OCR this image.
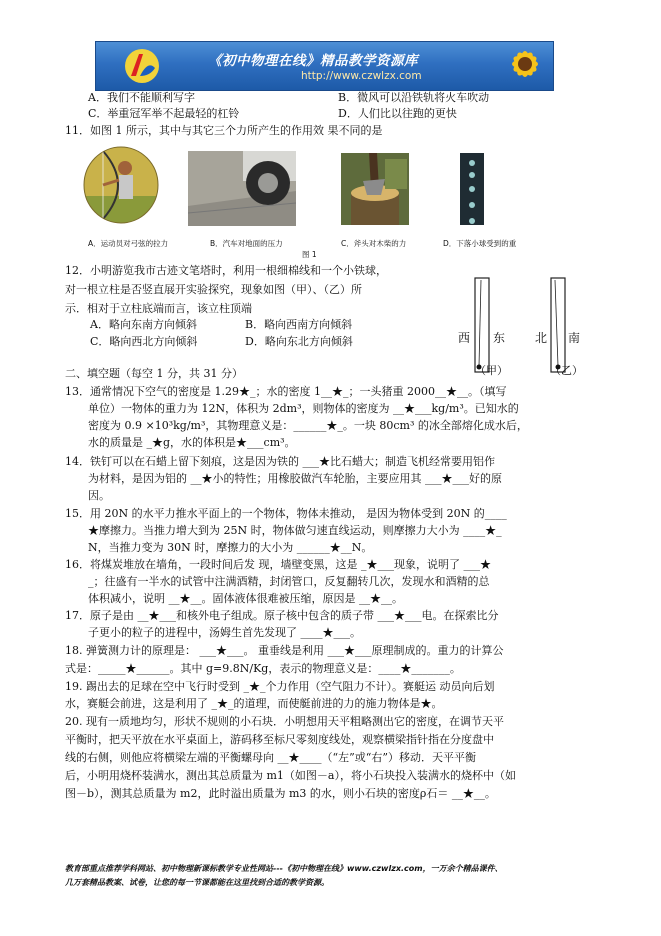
《初中物理在线》精品教学资源库
http://www.czwlzx.com
A．我们不能顺利写字	B．微风可以沿铁轨将火车吹动
C．举重冠军举不起最轻的杠铃	D．人们比以往跑的更快
11．如图 1 所示，其中与其它三个力所产生的作用效 果不同的是
A．运动员对弓弦的拉力	B．汽车对地面的压力	C．斧头对木柴的力	D．下落小球受到的重
图 1
12．小明游览我市古迹文笔塔时，利用一根细棉线和一个小铁球，
对一根立柱是否竖直展开实验探究，现象如图（甲）、（乙）所
示．相对于立柱底端而言，该立柱顶端
A．略向东南方向倾斜	B．略向西南方向倾斜
C．略向西北方向倾斜	D．略向东北方向倾斜	西 东 北 南
（甲）	（乙）
二、填空题（每空 1 分，共 31 分）
13．通常情况下空气的密度是 1.29★_；水的密度 1__★_；一头猪重 2000__★__。（填写
单位）一物体的重力为 12N，体积为 2dm³，则物体的密度为 __★___kg/m³。已知水的
密度为 0.9 ×10³kg/m³，其物理意义是：______★_。一块 80cm³ 的冰全部熔化成水后，
水的质量是 _★g，水的体积是★___cm³。
14．铁钉可以在石蜡上留下刻痕，这是因为铁的 ___★比石蜡大；制造飞机经常要用铝作
为材料，是因为铝的 __★小的特性；用橡胶做汽车轮胎，主要应用其 ___★___好的原
因。
15．用 20N 的水平力推水平面上的一个物体，物体未推动， 是因为物体受到 20N 的____
★摩擦力。当推力增大到为 25N 时，物体做匀速直线运动，则摩擦力大小为 ____★_
N，当推力变为 30N 时，摩擦力的大小为 ______★__N。
16．将煤炭堆放在墙角，一段时间后发 现，墙壁变黑，这是 _★___现象，说明了 ___★
_；往盛有一半水的试管中注满酒精，封闭管口，反复翻转几次，发现水和酒精的总
体积减小，说明 __★__。固体液体很难被压缩，原因是 __★__。
17．原子是由 __★___和核外电子组成。原子核中包含的质子带 ___★___电。在探索比分
子更小的粒子的进程中，汤姆生首先发现了 ____★___。
18. 弹簧测力计的原理是： ___★___。 重垂线是利用 ___★___原理制成的。重力的计算公
式是：_____★______。其中 g=9.8N/Kg，表示的物理意义是：____★_______。
19. 踢出去的足球在空中飞行时受到 _★_个力作用（空气阻力不计）。赛艇运 动员向后划
水，赛艇会前进，这是利用了 _★_的道理，而使艇前进的力的施力物体是★。
20. 现有一质地均匀，形状不规则的小石块．小明想用天平粗略测出它的密度，在调节天平
平衡时，把天平放在水平桌面上，游码移至标尺零刻度线处，观察横梁指针指在分度盘中
线的右侧，则他应将横梁左端的平衡螺母向 __★____（“左”或“右”）移动．天平平衡
后，小明用烧杯装满水，测出其总质量为 m1（如图－a），将小石块投入装满水的烧杯中（如
图－b），测其总质量为 m2，此时溢出质量为 m3 的水，则小石块的密度ρ石＝ __★__。
教育部重点推荐学科网站、初中物理新课标教学专业性网站---《初中物理在线》www.czwlzx.com，一万余个精品课件、
几万套精品教案、试卷，让您的每一节课都能在这里找到合适的教学资源。
